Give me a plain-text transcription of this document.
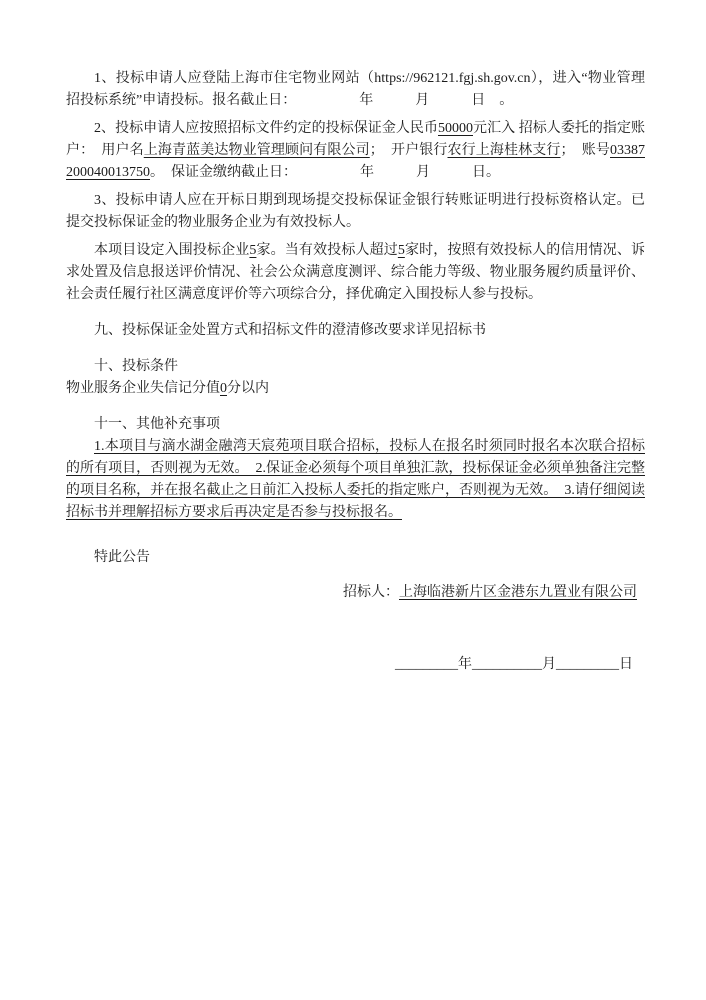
1、投标申请人应登陆上海市住宅物业网站（https://962121.fgj.sh.gov.cn），进入“物业管理招投标系统”申请投标。报名截止日：　　　　　年　　　月　　　日　。

2、投标申请人应按照招标文件约定的投标保证金人民币50000元汇入 招标人委托的指定账户：　用户名上海青蓝美达物业管理顾问有限公司；　开户银行农行上海桂林支行；　账号03387200040013750。　保证金缴纳截止日：　　　　　年　　　月　　　日。

3、投标申请人应在开标日期到现场提交投标保证金银行转账证明进行投标资格认定。已提交投标保证金的物业服务企业为有效投标人。

本项目设定入围投标企业5家。当有效投标人超过5家时，按照有效投标人的信用情况、诉求处置及信息报送评价情况、社会公众满意度测评、综合能力等级、物业服务履约质量评价、社会责任履行社区满意度评价等六项综合分，择优确定入围投标人参与投标。

九、投标保证金处置方式和招标文件的澄清修改要求详见招标书

十、投标条件

物业服务企业失信记分值0分以内

十一、其他补充事项

1.本项目与滴水湖金融湾天宸苑项目联合招标，投标人在报名时须同时报名本次联合招标的所有项目，否则视为无效。　2.保证金必须每个项目单独汇款，投标保证金必须单独备注完整的项目名称，并在报名截止之日前汇入投标人委托的指定账户，否则视为无效。　3.请仔细阅读招标书并理解招标方要求后再决定是否参与投标报名。

特此公告

招标人：上海临港新片区金港东九置业有限公司

_________年__________月_________日
